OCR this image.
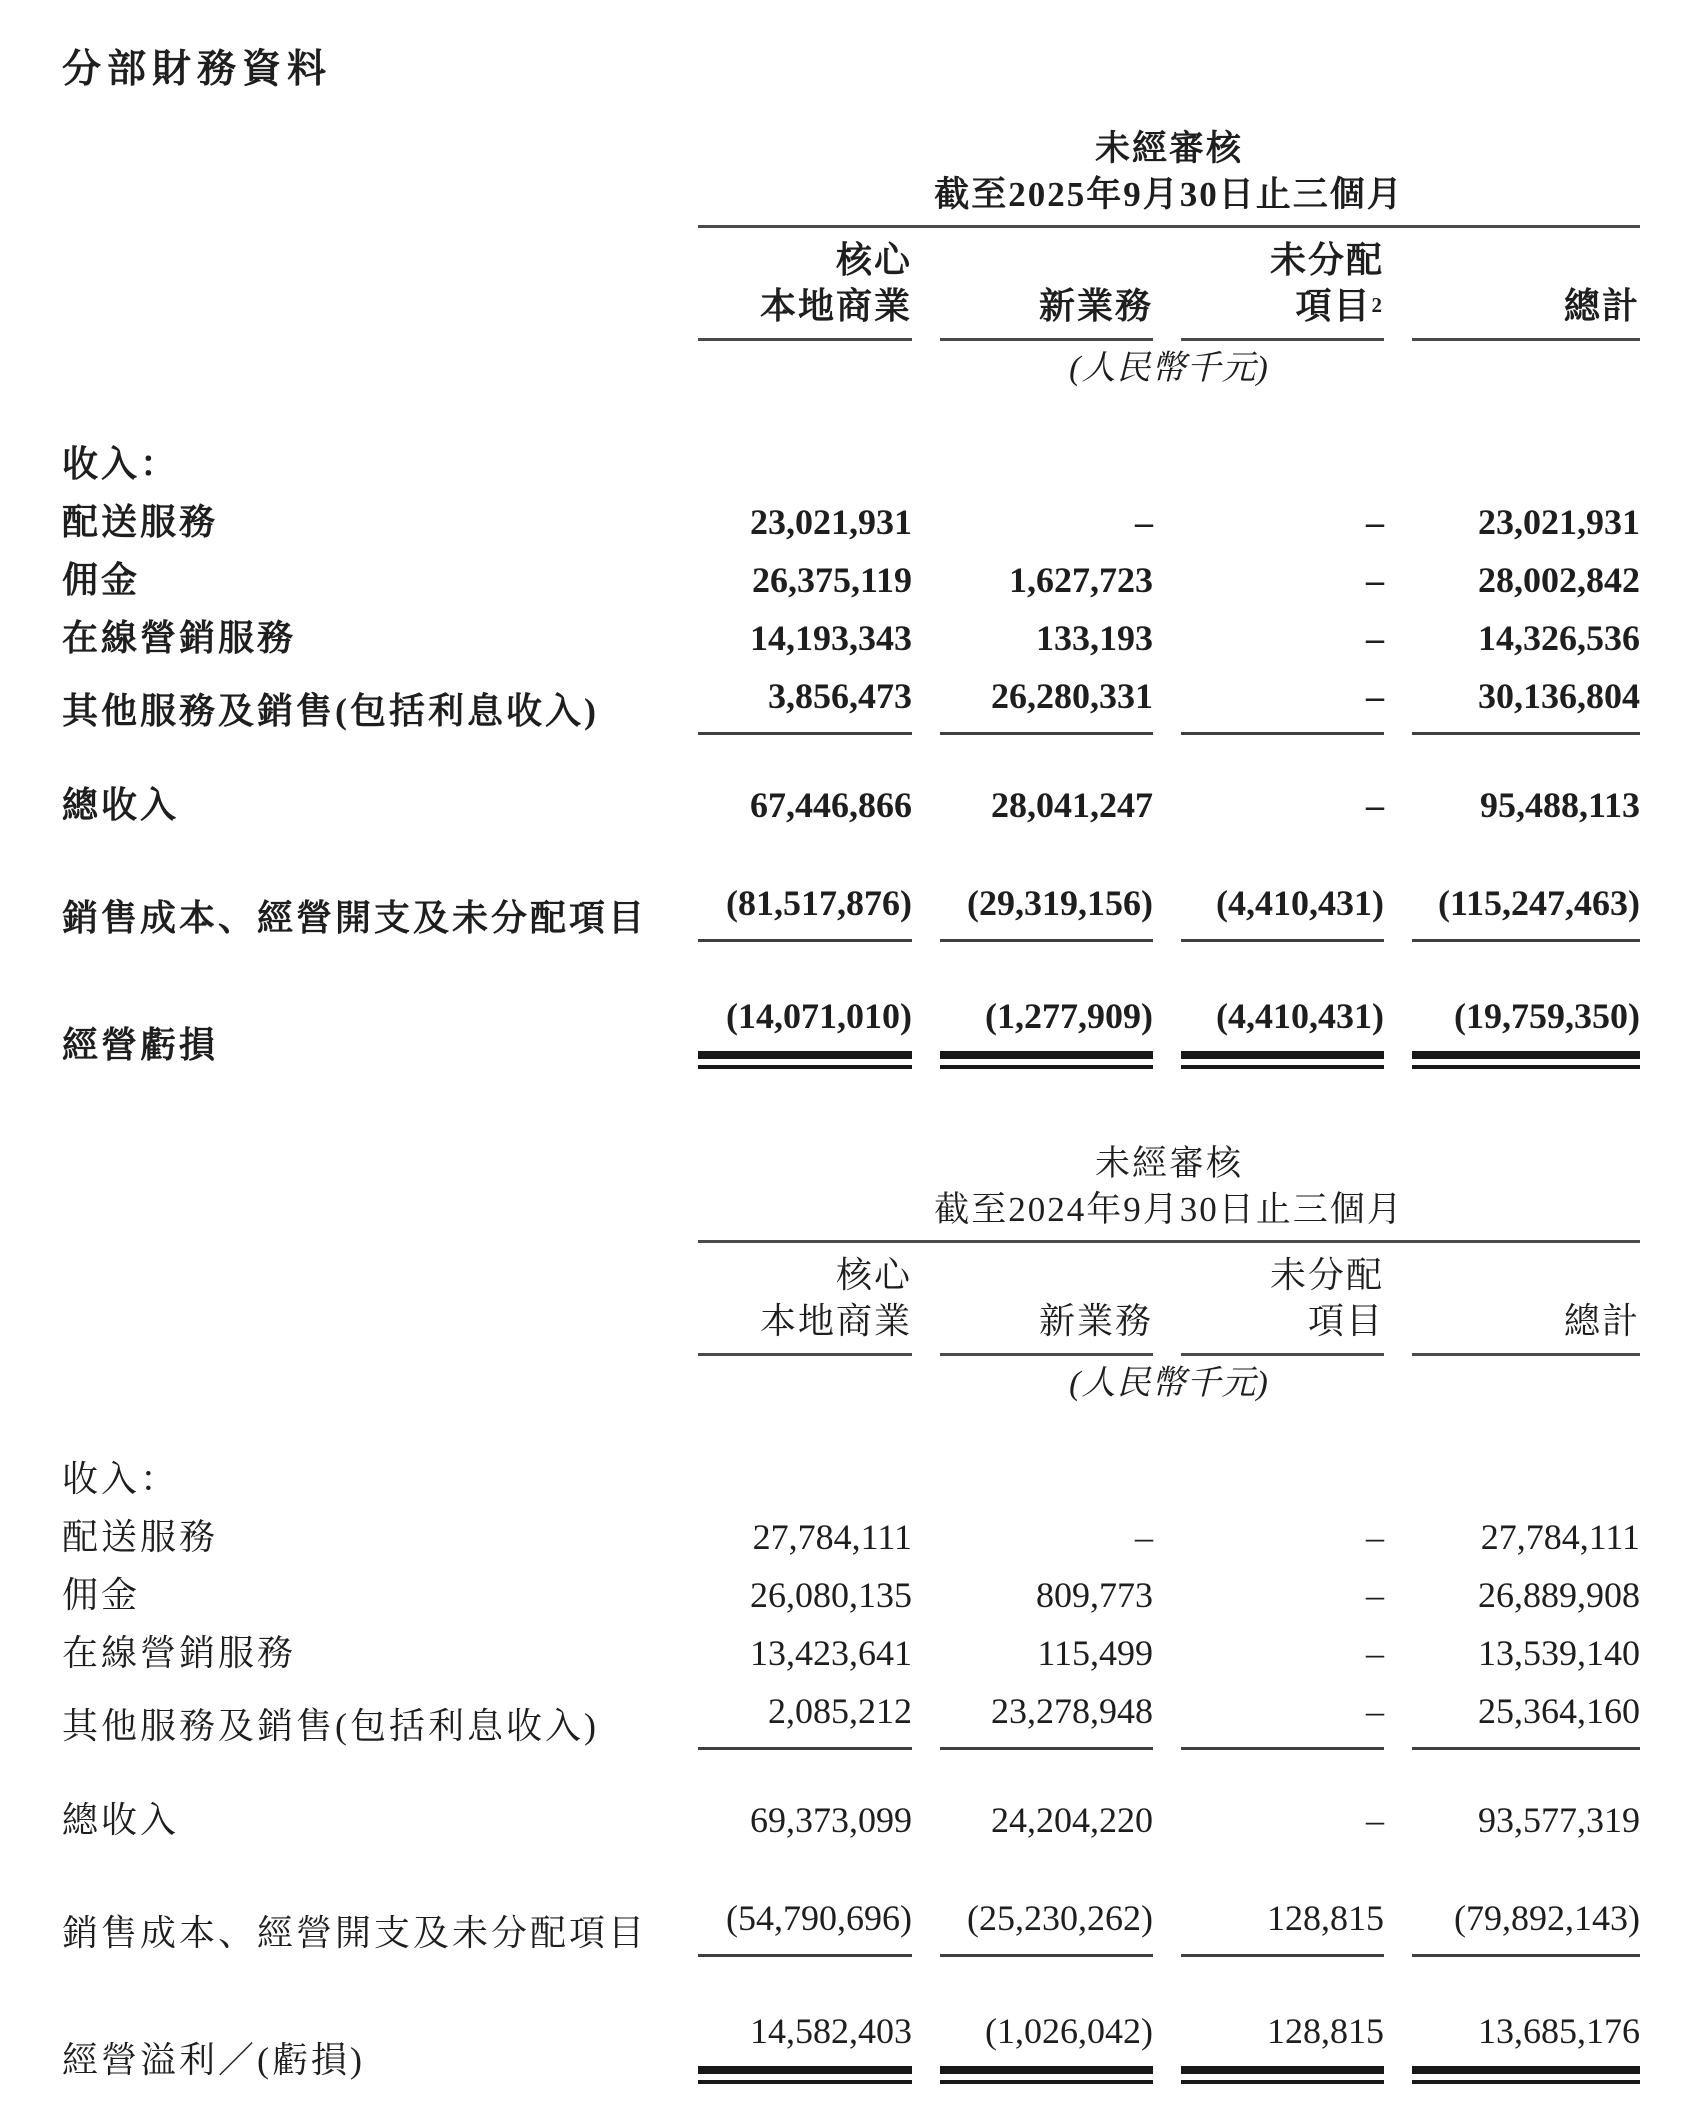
分部財務資料

	未經審核			

	截至2025年9月30日止三個月			

核心
本地商業	新業務

未分配
項目$^2$	總計

	(人民幣千元)			

收入：				
配送服務	23,021,931	–	–	23,021,931

佣金	26,375,119	1,627,723	–	28,002,842

在線營銷服務	14,193,343	133,193	–	14,326,536

其他服務及銷售(包括利息收入)	3,856,473	26,280,331	–	30,136,804

總收入	67,446,866	28,041,247	–	95,488,113

銷售成本、經營開支及未分配項目	(81,517,876)	(29,319,156)	(4,410,431)	(115,247,463)

經營虧損	(14,071,010)	(1,277,909)	(4,410,431)	(19,759,350)

	未經審核			

	截至2024年9月30日止三個月			

核心
本地商業	新業務

未分配
項目	總計

	(人民幣千元)			

收入：				
配送服務	27,784,111	–	–	27,784,111

佣金	26,080,135	809,773	–	26,889,908

在線營銷服務	13,423,641	115,499	–	13,539,140

其他服務及銷售(包括利息收入)	2,085,212	23,278,948	–	25,364,160

總收入	69,373,099	24,204,220	–	93,577,319

銷售成本、經營開支及未分配項目	(54,790,696)	(25,230,262)	128,815	(79,892,143)

經營溢利／(虧損)	14,582,403	(1,026,042)	128,815	13,685,176
